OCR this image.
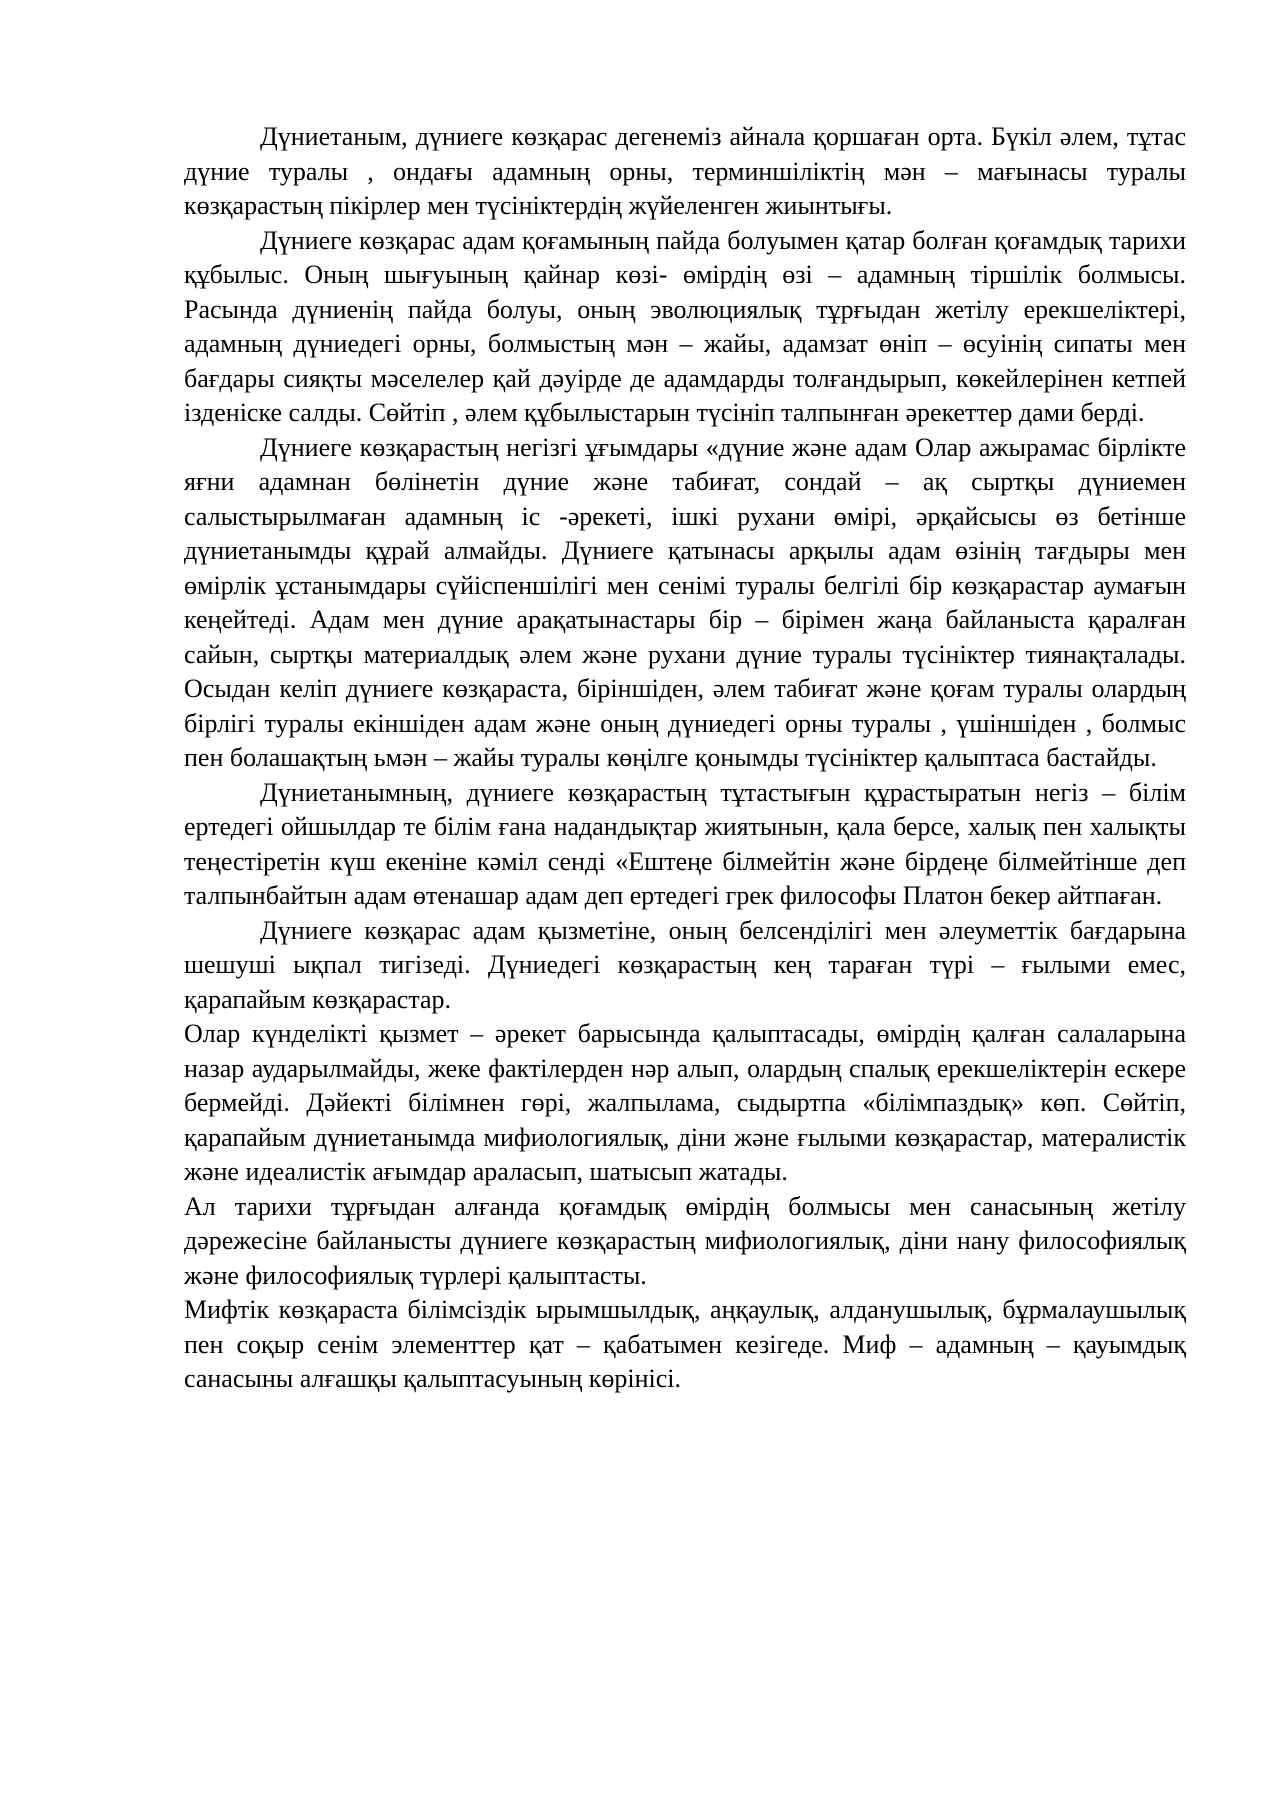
Дүниетаным, дүниеге көзқарас дегенеміз айнала қоршаған орта. Бүкіл әлем, тұтас дүние туралы , ондағы адамның орны, терминшіліктің мән – мағынасы туралы көзқарастың пікірлер мен түсініктердің жүйеленген жиынтығы.

Дүниеге көзқарас адам қоғамының пайда болуымен қатар болған қоғамдық тарихи құбылыс. Оның шығуының қайнар көзі- өмірдің өзі – адамның тіршілік болмысы. Расында дүниенің пайда болуы, оның эволюциялық тұрғыдан жетілу ерекшеліктері, адамның дүниедегі орны, болмыстың мән – жайы, адамзат өніп – өсуінің сипаты мен бағдары сияқты мәселелер қай дәуірде де адамдарды толғандырып, көкейлерінен кетпей ізденіске салды. Сөйтіп , әлем құбылыстарын түсініп талпынған әрекеттер дами берді.

Дүниеге көзқарастың негізгі ұғымдары «дүние және адам Олар ажырамас бірлікте яғни адамнан бөлінетін дүние және табиғат, сондай – ақ сыртқы дүниемен салыстырылмаған адамның іс -әрекеті, ішкі рухани өмірі, әрқайсысы өз бетінше дүниетанымды құрай алмайды. Дүниеге қатынасы арқылы адам өзінің тағдыры мен өмірлік ұстанымдары сүйіспеншілігі мен сенімі туралы белгілі бір көзқарастар аумағын кеңейтеді. Адам мен дүние арақатынастары бір – бірімен жаңа байланыста қаралған сайын, сыртқы материалдық әлем және рухани дүние туралы түсініктер тиянақталады. Осыдан келіп дүниеге көзқараста, біріншіден, әлем табиғат және қоғам туралы олардың бірлігі туралы екіншіден адам және оның дүниедегі орны туралы , үшіншіден , болмыс пен болашақтың ьмән – жайы туралы көңілге қонымды түсініктер қалыптаса бастайды.

Дүниетанымның, дүниеге көзқарастың тұтастығын құрастыратын негіз – білім ертедегі ойшылдар те білім ғана надандықтар жиятынын, қала берсе, халық пен халықты теңестіретін күш екеніне кәміл сенді «Ештеңе білмейтін және бірдеңе білмейтінше деп талпынбайтын адам өтенашар адам деп ертедегі грек философы Платон бекер айтпаған.

Дүниеге көзқарас адам қызметіне, оның белсенділігі мен әлеуметтік бағдарына шешуші ықпал тигізеді. Дүниедегі көзқарастың кең тараған түрі – ғылыми емес, қарапайым көзқарастар.

Олар күнделікті қызмет – әрекет барысында қалыптасады, өмірдің қалған салаларына назар аударылмайды, жеке фактілерден нәр алып, олардың спалық ерекшеліктерін ескере бермейді. Дәйекті білімнен гөрі, жалпылама, сыдыртпа «білімпаздық» көп. Сөйтіп, қарапайым дүниетанымда мифиологиялық, діни және ғылыми көзқарастар, матералистік және идеалистік ағымдар араласып, шатысып жатады.

Ал тарихи тұрғыдан алғанда қоғамдық өмірдің болмысы мен санасының жетілу дәрежесіне байланысты дүниеге көзқарастың мифиологиялық, діни нану философиялық және философиялық түрлері қалыптасты.

Мифтік көзқараста білімсіздік ырымшылдық, аңқаулық, алданушылық, бұрмалаушылық пен соқыр сенім элементтер қат – қабатымен кезігеде. Миф – адамның – қауымдық санасыны алғашқы қалыптасуының көрінісі.
